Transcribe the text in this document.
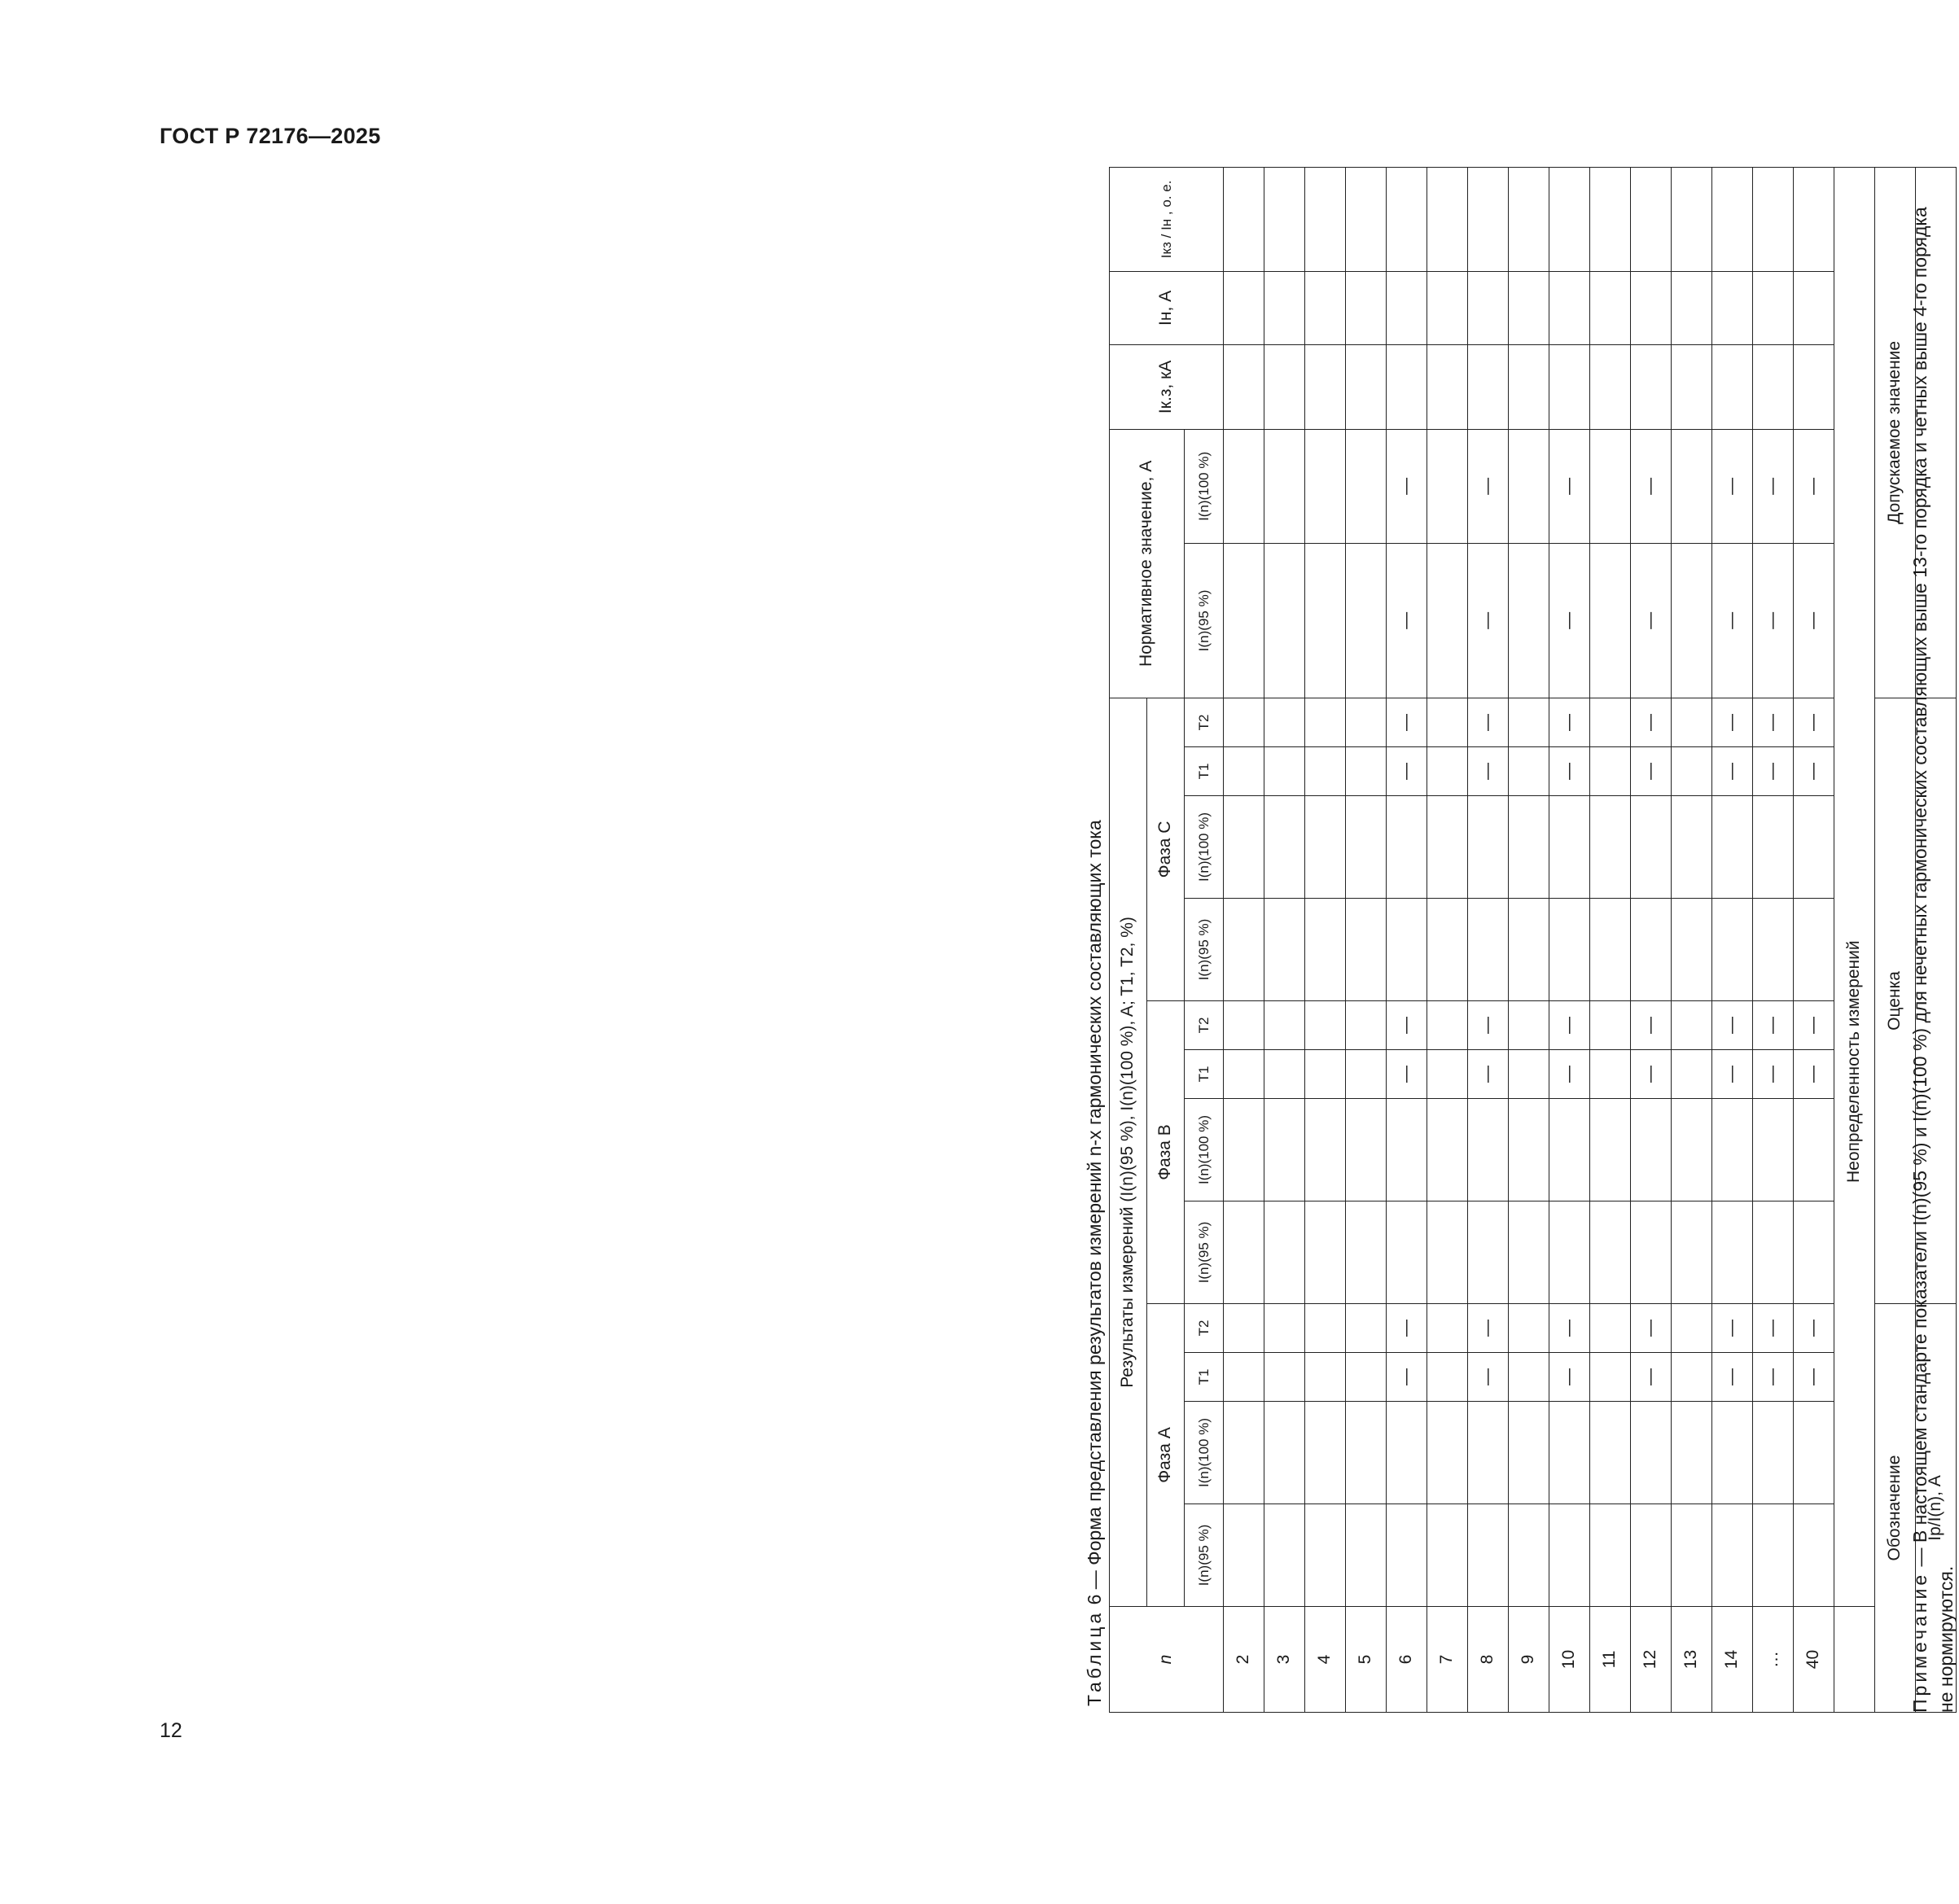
ГОСТ Р 72176—2025
12
Таблица 6 — Форма представления результатов измерений n-х гармонических составляющих тока
n	Результаты измерений (I(n)(95 %), I(n)(100 %), A; T1, T2, %)												Нормативное значение, А		Iк.з, кА	Iн, А	Iкз / Iн , о. е.
	Фаза А				Фаза В				Фаза С								
	I(n)(95 %)	I(n)(100 %)	T1	T2	I(n)(95 %)	I(n)(100 %)	T1	T2	I(n)(95 %)	I(n)(100 %)	T1	T2	I(n)(95 %)	I(n)(100 %)			
2																	
3																	
4																	
5																	
6			—	—			—	—			—	—	—	—			
7																	
8			—	—			—	—			—	—	—	—			
9																	
10			—	—			—	—			—	—	—	—			
11																	
12			—	—			—	—			—	—	—	—			
13																	
14			—	—			—	—			—	—	—	—			
…			—	—			—	—			—	—	—	—			
40			—	—			—	—			—	—	—	—			
	Неопределенность измерений																
Обозначение					Оценка								Допускаемое значение				
Iр/I(n), А																	
Примечание — В настоящем стандарте показатели I(n)(95 %) и I(n)(100 %) для нечетных гармонических составляющих выше 13-го порядка и четных выше 4-го порядка не нормируются.
